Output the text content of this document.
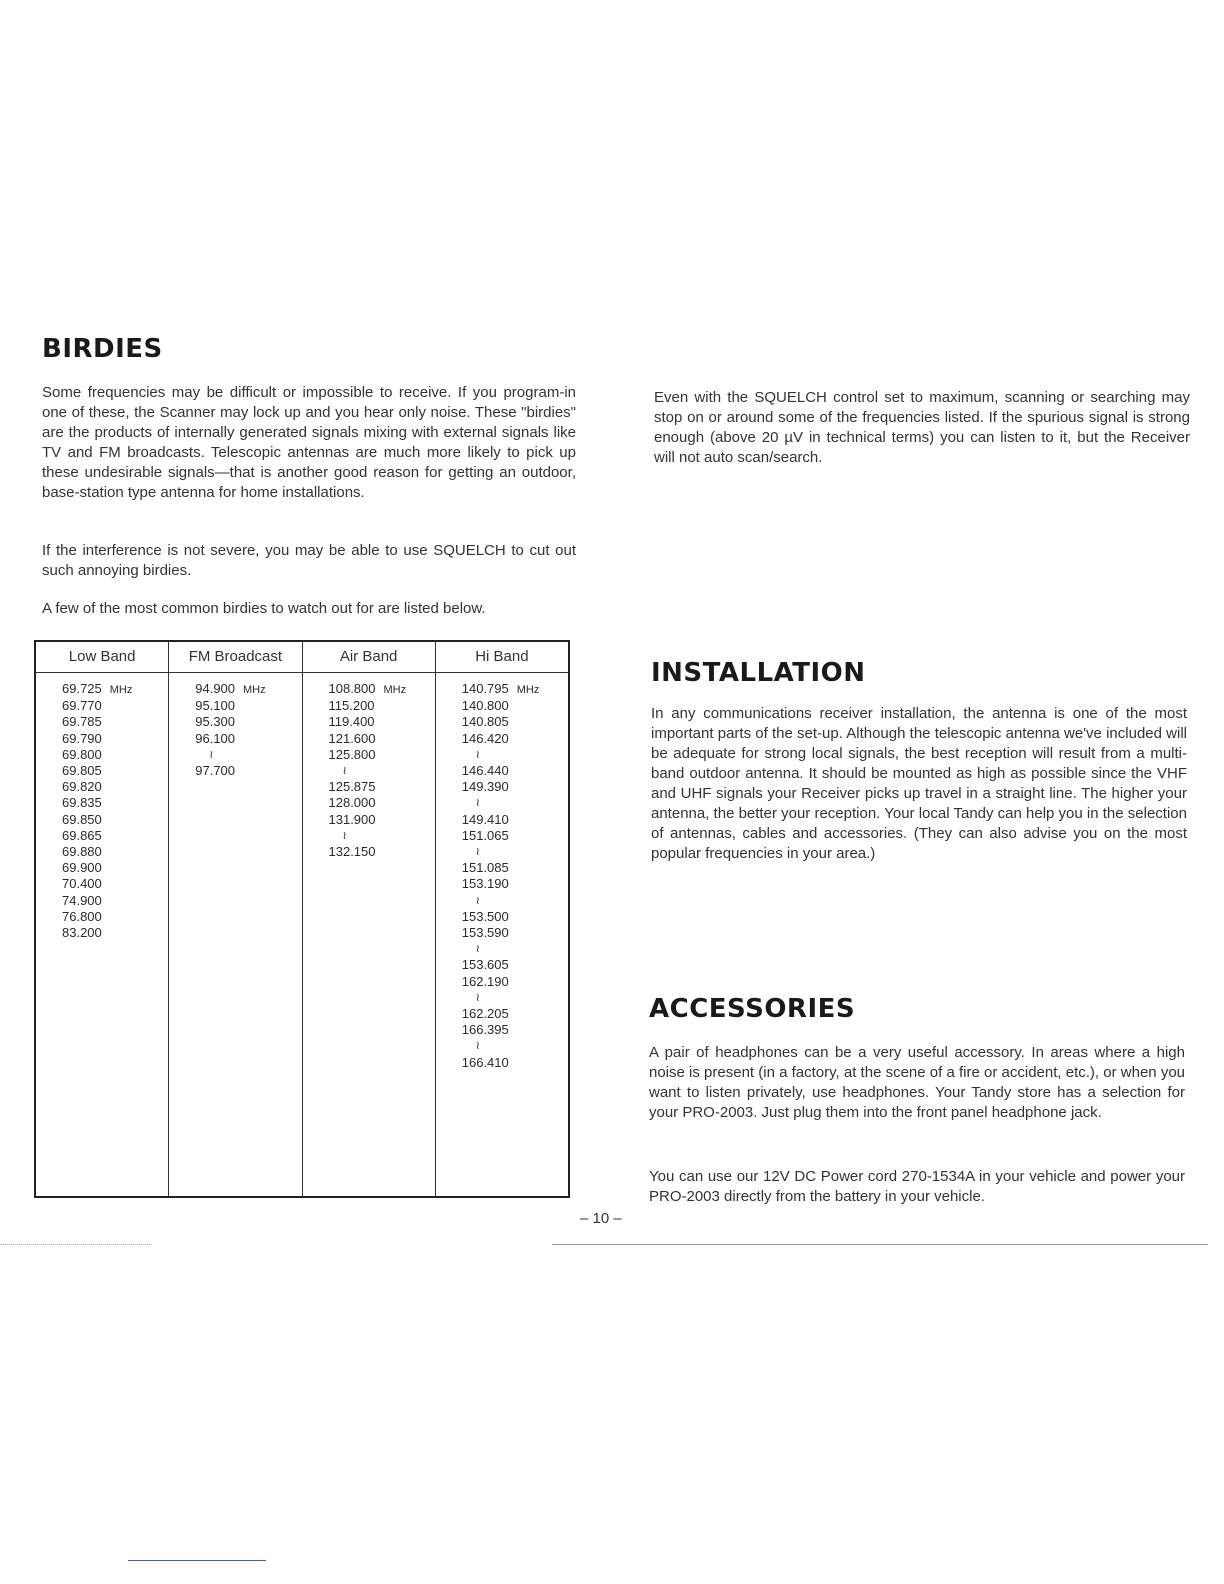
BIRDIES

Some frequencies may be difficult or impossible to receive. If you program-in one of these, the Scanner may lock up and you hear only noise. These "birdies" are the products of internally generated signals mixing with external signals like TV and FM broadcasts. Telescopic antennas are much more likely to pick up these undesirable signals—that is another good reason for getting an outdoor, base-station type antenna for home installations.

If the interference is not severe, you may be able to use SQUELCH to cut out such annoying birdies.

A few of the most common birdies to watch out for are listed below.

Low Band
69.725 MHz
69.770
69.785
69.790
69.800
69.805
69.820
69.835
69.850
69.865
69.880
69.900
70.400
74.900
76.800
83.200
FM Broadcast
94.900 MHz
95.100
95.300
96.100
≀
97.700
Air Band
108.800 MHz
115.200
119.400
121.600
125.800
≀
125.875
128.000
131.900
≀
132.150
Hi Band
140.795 MHz
140.800
140.805
146.420
≀
146.440
149.390
≀
149.410
151.065
≀
151.085
153.190
≀
153.500
153.590
≀
153.605
162.190
≀
162.205
166.395
≀
166.410

Even with the SQUELCH control set to maximum, scanning or searching may stop on or around some of the frequencies listed. If the spurious signal is strong enough (above 20 µV in technical terms) you can listen to it, but the Receiver will not auto scan/search.

INSTALLATION

In any communications receiver installation, the antenna is one of the most important parts of the set-up. Although the telescopic antenna we've included will be adequate for strong local signals, the best reception will result from a multi-band outdoor antenna. It should be mounted as high as possible since the VHF and UHF signals your Receiver picks up travel in a straight line. The higher your antenna, the better your reception. Your local Tandy can help you in the selection of antennas, cables and accessories. (They can also advise you on the most popular frequencies in your area.)

ACCESSORIES

A pair of headphones can be a very useful accessory. In areas where a high noise is present (in a factory, at the scene of a fire or accident, etc.), or when you want to listen privately, use headphones. Your Tandy store has a selection for your PRO-2003. Just plug them into the front panel headphone jack.

You can use our 12V DC Power cord 270-1534A in your vehicle and power your PRO-2003 directly from the battery in your vehicle.

– 10 –
